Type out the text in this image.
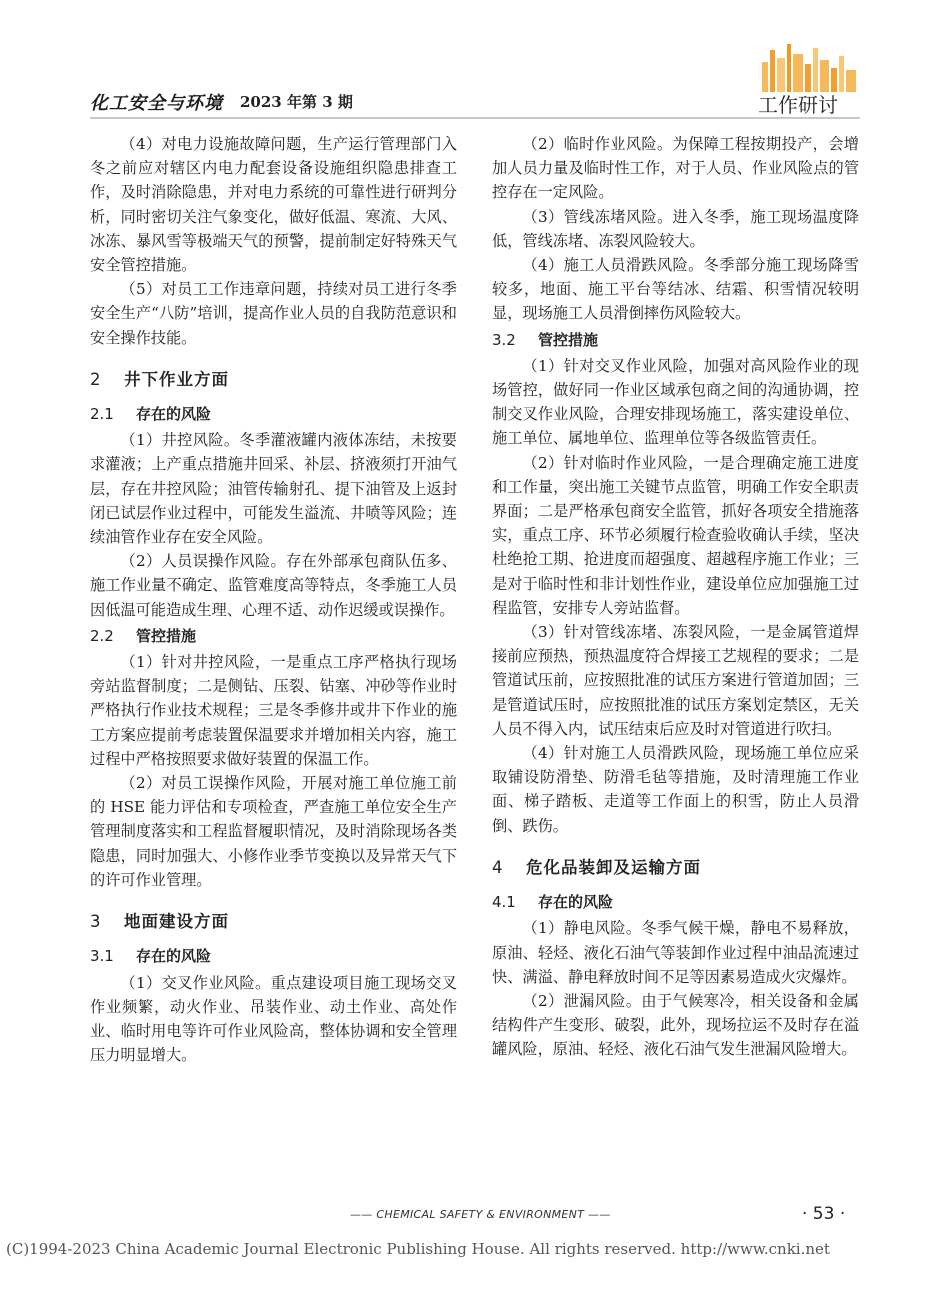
化工安全与环境 2023 年第 3 期	工作研讨

（4）对电力设施故障问题，生产运行管理部门入冬之前应对辖区内电力配套设备设施组织隐患排查工作，及时消除隐患，并对电力系统的可靠性进行研判分析，同时密切关注气象变化，做好低温、寒流、大风、冰冻、暴风雪等极端天气的预警，提前制定好特殊天气安全管控措施。

（5）对员工工作违章问题，持续对员工进行冬季安全生产“八防”培训，提高作业人员的自我防范意识和安全操作技能。

2 井下作业方面
2.1 存在的风险

（1）井控风险。冬季灌液罐内液体冻结，未按要求灌液；上产重点措施井回采、补层、挤液须打开油气层，存在井控风险；油管传输射孔、提下油管及上返封闭已试层作业过程中，可能发生溢流、井喷等风险；连续油管作业存在安全风险。

（2）人员误操作风险。存在外部承包商队伍多、施工作业量不确定、监管难度高等特点，冬季施工人员因低温可能造成生理、心理不适、动作迟缓或误操作。

2.2 管控措施

（1）针对井控风险，一是重点工序严格执行现场旁站监督制度；二是侧钻、压裂、钻塞、冲砂等作业时严格执行作业技术规程；三是冬季修井或井下作业的施工方案应提前考虑装置保温要求并增加相关内容，施工过程中严格按照要求做好装置的保温工作。

（2）对员工误操作风险，开展对施工单位施工前的 HSE 能力评估和专项检查，严查施工单位安全生产管理制度落实和工程监督履职情况，及时消除现场各类隐患，同时加强大、小修作业季节变换以及异常天气下的许可作业管理。

3 地面建设方面
3.1 存在的风险

（1）交叉作业风险。重点建设项目施工现场交叉作业频繁，动火作业、吊装作业、动土作业、高处作业、临时用电等许可作业风险高，整体协调和安全管理压力明显增大。

（2）临时作业风险。为保障工程按期投产，会增加人员力量及临时性工作，对于人员、作业风险点的管控存在一定风险。

（3）管线冻堵风险。进入冬季，施工现场温度降低，管线冻堵、冻裂风险较大。

（4）施工人员滑跌风险。冬季部分施工现场降雪较多，地面、施工平台等结冰、结霜、积雪情况较明显，现场施工人员滑倒摔伤风险较大。

3.2 管控措施

（1）针对交叉作业风险，加强对高风险作业的现场管控，做好同一作业区域承包商之间的沟通协调，控制交叉作业风险，合理安排现场施工，落实建设单位、施工单位、属地单位、监理单位等各级监管责任。

（2）针对临时作业风险，一是合理确定施工进度和工作量，突出施工关键节点监管，明确工作安全职责界面；二是严格承包商安全监管，抓好各项安全措施落实，重点工序、环节必须履行检查验收确认手续，坚决杜绝抢工期、抢进度而超强度、超越程序施工作业；三是对于临时性和非计划性作业，建设单位应加强施工过程监管，安排专人旁站监督。

（3）针对管线冻堵、冻裂风险，一是金属管道焊接前应预热，预热温度符合焊接工艺规程的要求；二是管道试压前，应按照批准的试压方案进行管道加固；三是管道试压时，应按照批准的试压方案划定禁区，无关人员不得入内，试压结束后应及时对管道进行吹扫。

（4）针对施工人员滑跌风险，现场施工单位应采取铺设防滑垫、防滑毛毡等措施，及时清理施工作业面、梯子踏板、走道等工作面上的积雪，防止人员滑倒、跌伤。

4 危化品装卸及运输方面
4.1 存在的风险

（1）静电风险。冬季气候干燥，静电不易释放，原油、轻烃、液化石油气等装卸作业过程中油品流速过快、满溢、静电释放时间不足等因素易造成火灾爆炸。

（2）泄漏风险。由于气候寒冷，相关设备和金属结构件产生变形、破裂，此外，现场拉运不及时存在溢罐风险，原油、轻烃、液化石油气发生泄漏风险增大。

—— CHEMICAL SAFETY & ENVIRONMENT ——	· 53 ·
(C)1994-2023 China Academic Journal Electronic Publishing House. All rights reserved. http://www.cnki.net
